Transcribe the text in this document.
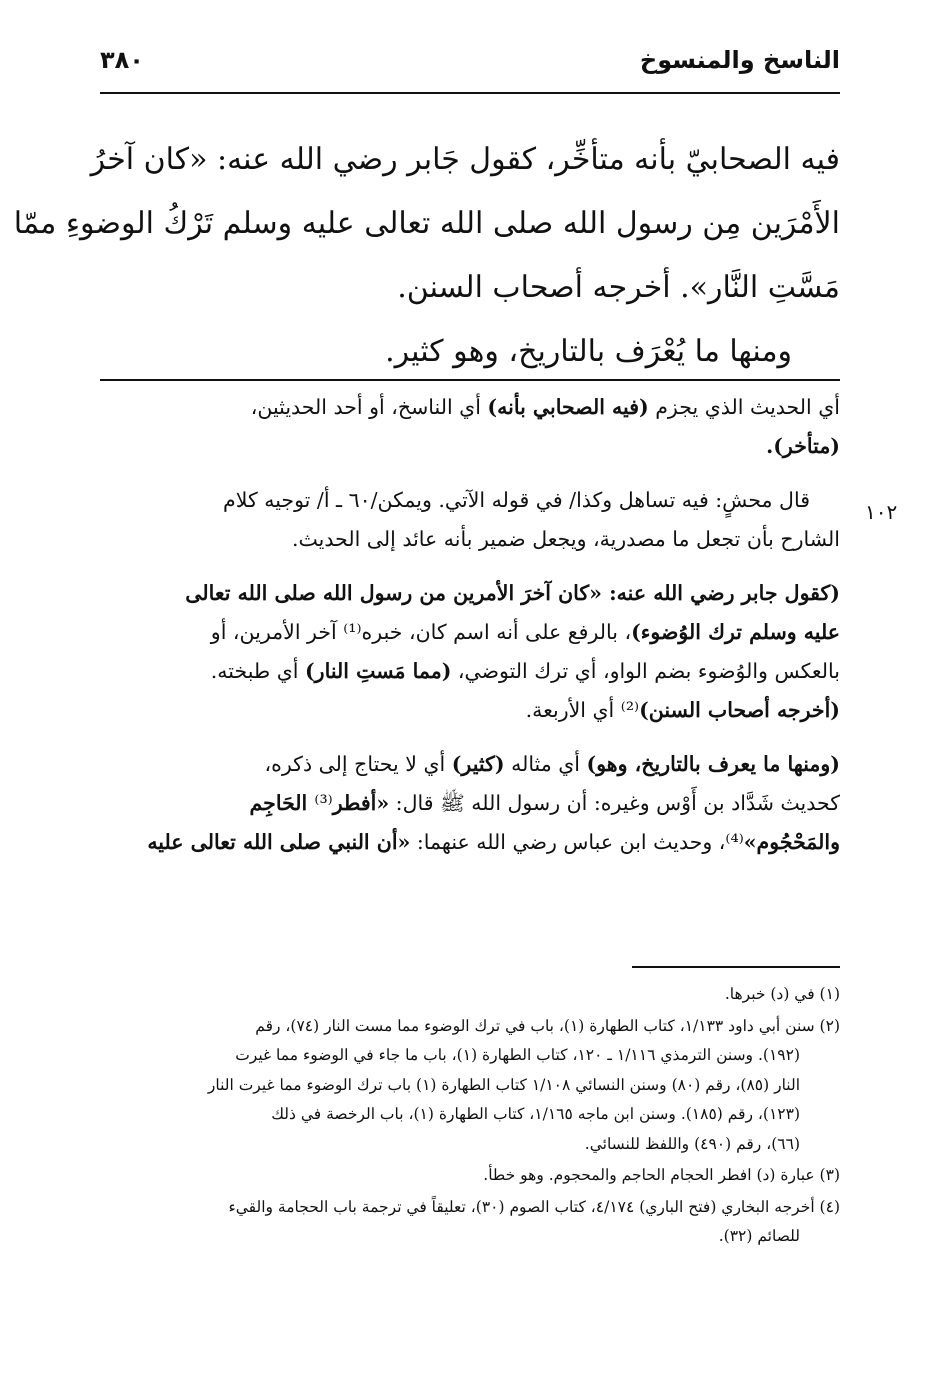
الناسخ والمنسوخ
٣٨٠
فيه الصحابيّ بأنه متأخِّر، كقول جَابر رضي الله عنه: «كان آخرُ
الأَمْرَين مِن رسول الله صلى الله تعالى عليه وسلم تَرْكُ الوضوءِ ممّا
مَسَّتِ النَّار». أخرجه أصحاب السنن.
ومنها ما يُعْرَف بالتاريخ، وهو كثير.
١٠٢

أي الحديث الذي يجزم (فيه الصحابي بأنه) أي الناسخ، أو أحد الحديثين،
(متأخر).

قال محشٍ: فيه تساهل وكذا/ في قوله الآتي. ويمكن/٦٠ ـ أ/ توجيه كلام
الشارح بأن تجعل ما مصدرية، ويجعل ضمير بأنه عائد إلى الحديث.

(كقول جابر رضي الله عنه: «كان آخرَ الأمرين من رسول الله صلى الله تعالى
عليه وسلم ترك الوُضوء)، بالرفع على أنه اسم كان، خبره⁽¹⁾ آخر الأمرين، أو
بالعكس والوُضوء بضم الواو، أي ترك التوضي، (مما مَستِ النار) أي طبخته.
(أخرجه أصحاب السنن)⁽²⁾ أي الأربعة.

(ومنها ما يعرف بالتاريخ، وهو) أي مثاله (كثير) أي لا يحتاج إلى ذكره،
كحديث شَدَّاد بن أَوْس وغيره: أن رسول الله ﷺ قال: «أفطر⁽³⁾ الحَاجِم
والمَحْجُوم»⁽⁴⁾، وحديث ابن عباس رضي الله عنهما: «أن النبي صلى الله تعالى عليه

(١) في (د) خبرها.
(٢) سنن أبي داود ١/١٣٣، كتاب الطهارة (١)، باب في ترك الوضوء مما مست النار (٧٤)، رقم
(١٩٢). وسنن الترمذي ١/١١٦ ـ ١٢٠، كتاب الطهارة (١)، باب ما جاء في الوضوء مما غيرت
النار (٨٥)، رقم (٨٠) وسنن النسائي ١/١٠٨ كتاب الطهارة (١) باب ترك الوضوء مما غيرت النار
(١٢٣)، رقم (١٨٥). وسنن ابن ماجه ١/١٦٥، كتاب الطهارة (١)، باب الرخصة في ذلك
(٦٦)، رقم (٤٩٠) واللفظ للنسائي.
(٣) عبارة (د) افطر الحجام الحاجم والمحجوم. وهو خطأ.
(٤) أخرجه البخاري (فتح الباري) ٤/١٧٤، كتاب الصوم (٣٠)، تعليقاً في ترجمة باب الحجامة والقيء
للصائم (٣٢).
